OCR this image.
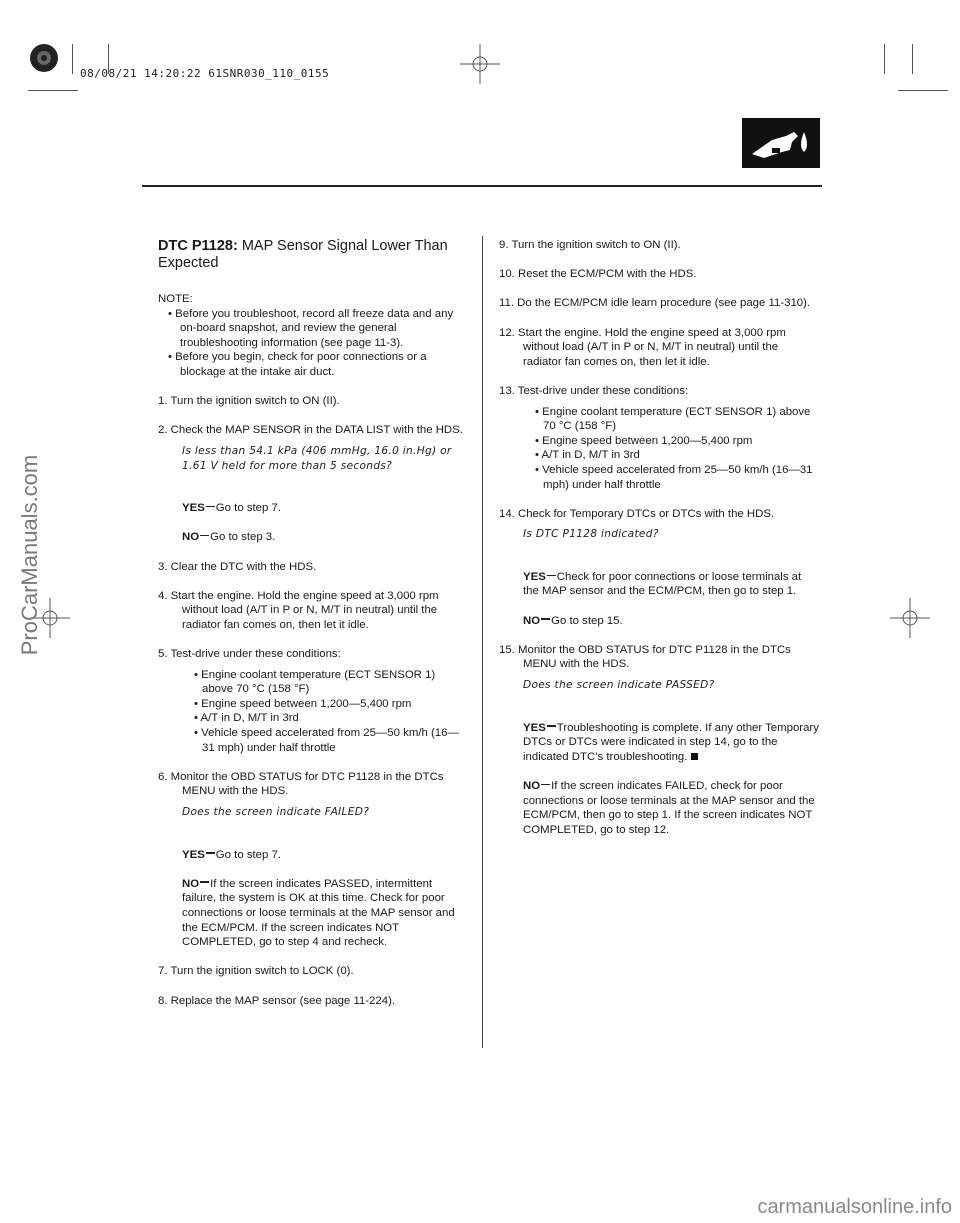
08/08/21 14:20:22 61SNR030_110_0155
DTC P1128: MAP Sensor Signal Lower Than Expected

NOTE:

• Before you troubleshoot, record all freeze data and any on-board snapshot, and review the general troubleshooting information (see page 11-3).

• Before you begin, check for poor connections or a blockage at the intake air duct.

1. Turn the ignition switch to ON (II).

2. Check the MAP SENSOR in the DATA LIST with the HDS.

Is less than 54.1 kPa (406 mmHg, 16.0 in.Hg) or 1.61 V held for more than 5 seconds?

YES Go to step 7.

NO Go to step 3.

3. Clear the DTC with the HDS.

4. Start the engine. Hold the engine speed at 3,000 rpm without load (A/T in P or N, M/T in neutral) until the radiator fan comes on, then let it idle.

5. Test-drive under these conditions:

• Engine coolant temperature (ECT SENSOR 1) above 70 °C (158 °F)
• Engine speed between 1,200—5,400 rpm
• A/T in D, M/T in 3rd
• Vehicle speed accelerated from 25—50 km/h (16—31 mph) under half throttle

6. Monitor the OBD STATUS for DTC P1128 in the DTCs MENU with the HDS.

Does the screen indicate FAILED?

YES Go to step 7.

NO If the screen indicates PASSED, intermittent failure, the system is OK at this time. Check for poor connections or loose terminals at the MAP sensor and the ECM/PCM. If the screen indicates NOT COMPLETED, go to step 4 and recheck.

7. Turn the ignition switch to LOCK (0).

8. Replace the MAP sensor (see page 11-224).

9. Turn the ignition switch to ON (II).

10. Reset the ECM/PCM with the HDS.

11. Do the ECM/PCM idle learn procedure (see page 11-310).

12. Start the engine. Hold the engine speed at 3,000 rpm without load (A/T in P or N, M/T in neutral) until the radiator fan comes on, then let it idle.

13. Test-drive under these conditions:

• Engine coolant temperature (ECT SENSOR 1) above 70 °C (158 °F)
• Engine speed between 1,200—5,400 rpm
• A/T in D, M/T in 3rd
• Vehicle speed accelerated from 25—50 km/h (16—31 mph) under half throttle

14. Check for Temporary DTCs or DTCs with the HDS.

Is DTC P1128 indicated?

YES Check for poor connections or loose terminals at the MAP sensor and the ECM/PCM, then go to step 1.

NO Go to step 15.

15. Monitor the OBD STATUS for DTC P1128 in the DTCs MENU with the HDS.

Does the screen indicate PASSED?

YES Troubleshooting is complete. If any other Temporary DTCs or DTCs were indicated in step 14, go to the indicated DTC’s troubleshooting.

NO If the screen indicates FAILED, check for poor connections or loose terminals at the MAP sensor and the ECM/PCM, then go to step 1. If the screen indicates NOT COMPLETED, go to step 12.

ProCarManuals.com
carmanualsonline.info
